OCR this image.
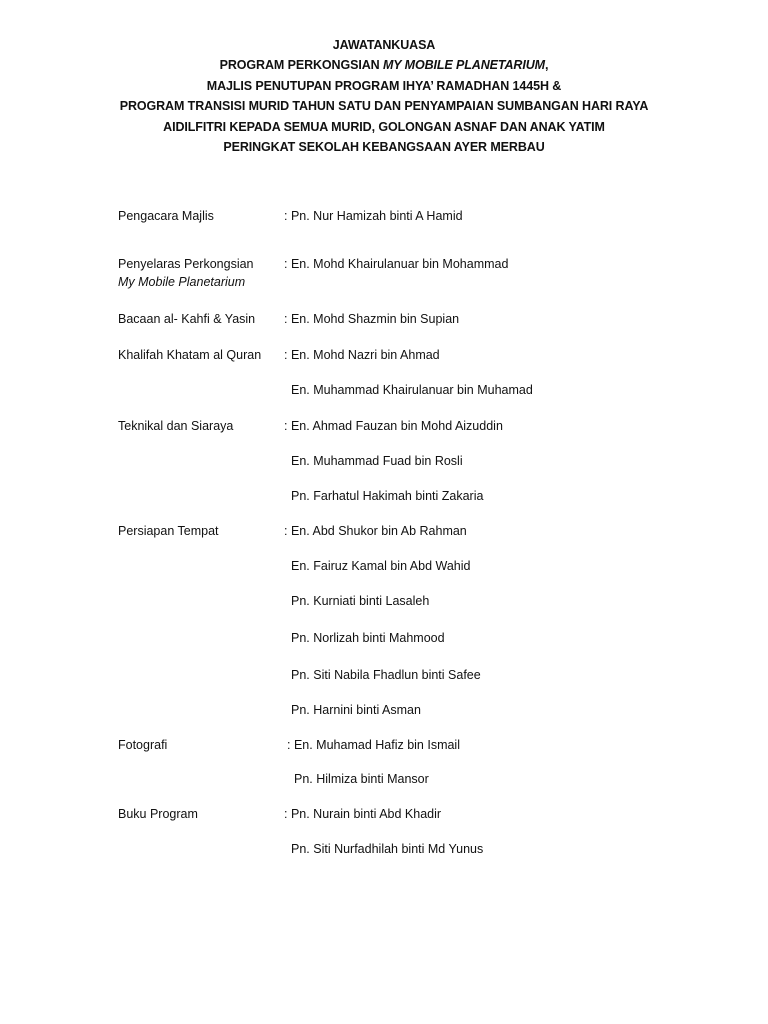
JAWATANKUASA
PROGRAM PERKONGSIAN MY MOBILE PLANETARIUM,
MAJLIS PENUTUPAN PROGRAM IHYA’ RAMADHAN 1445H &
PROGRAM TRANSISI MURID TAHUN SATU DAN PENYAMPAIAN SUMBANGAN HARI RAYA
AIDILFITRI KEPADA SEMUA MURID, GOLONGAN ASNAF DAN ANAK YATIM
PERINGKAT SEKOLAH KEBANGSAAN AYER MERBAU
Pengacara Majlis	: Pn. Nur Hamizah binti A Hamid
Penyelaras Perkongsian
My Mobile Planetarium
: En. Mohd Khairulanuar bin Mohammad
Bacaan al- Kahfi & Yasin : En. Mohd Shazmin bin Supian
Khalifah Khatam al Quran : En. Mohd Nazri bin Ahmad
En. Muhammad Khairulanuar bin Muhamad
Teknikal dan Siaraya	: En. Ahmad Fauzan bin Mohd Aizuddin
En. Muhammad Fuad bin Rosli
Pn. Farhatul Hakimah binti Zakaria
Persiapan Tempat	: En. Abd Shukor bin Ab Rahman
En. Fairuz Kamal bin Abd Wahid
Pn. Kurniati binti Lasaleh
Pn. Norlizah binti Mahmood
Pn. Siti Nabila Fhadlun binti Safee
Pn. Harnini binti Asman
Fotografi	: En. Muhamad Hafiz bin Ismail
Pn. Hilmiza binti Mansor
Buku Program	: Pn. Nurain binti Abd Khadir
Pn. Siti Nurfadhilah binti Md Yunus
